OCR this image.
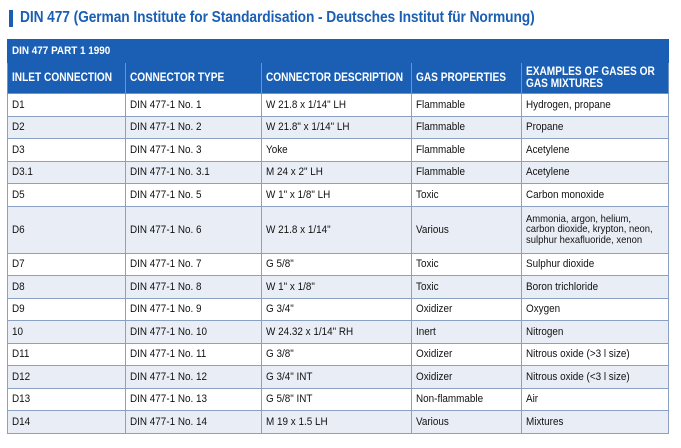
DIN 477 (German Institute for Standardisation - Deutsches Institut für Normung)
DIN 477 PART 1 1990				
INLET CONNECTION	CONNECTOR TYPE	CONNECTOR DESCRIPTION	GAS PROPERTIES	EXAMPLES OF GASES OR GAS MIXTURES
D1	DIN 477-1 No. 1	W 21.8 x 1/14" LH	Flammable	Hydrogen, propane
D2	DIN 477-1 No. 2	W 21.8" x 1/14" LH	Flammable	Propane
D3	DIN 477-1 No. 3	Yoke	Flammable	Acetylene
D3.1	DIN 477-1 No. 3.1	M 24 x 2" LH	Flammable	Acetylene
D5	DIN 477-1 No. 5	W 1" x 1/8" LH	Toxic	Carbon monoxide
D6	DIN 477-1 No. 6	W 21.8 x 1/14"	Various	Ammonia, argon, helium, carbon dioxide, krypton, neon, sulphur hexafluoride, xenon
D7	DIN 477-1 No. 7	G 5/8"	Toxic	Sulphur dioxide
D8	DIN 477-1 No. 8	W 1" x 1/8"	Toxic	Boron trichloride
D9	DIN 477-1 No. 9	G 3/4"	Oxidizer	Oxygen
10	DIN 477-1 No. 10	W 24.32 x 1/14" RH	Inert	Nitrogen
D11	DIN 477-1 No. 11	G 3/8"	Oxidizer	Nitrous oxide (>3 l size)
D12	DIN 477-1 No. 12	G 3/4" INT	Oxidizer	Nitrous oxide (<3 l size)
D13	DIN 477-1 No. 13	G 5/8" INT	Non-flammable	Air
D14	DIN 477-1 No. 14	M 19 x 1.5 LH	Various	Mixtures
